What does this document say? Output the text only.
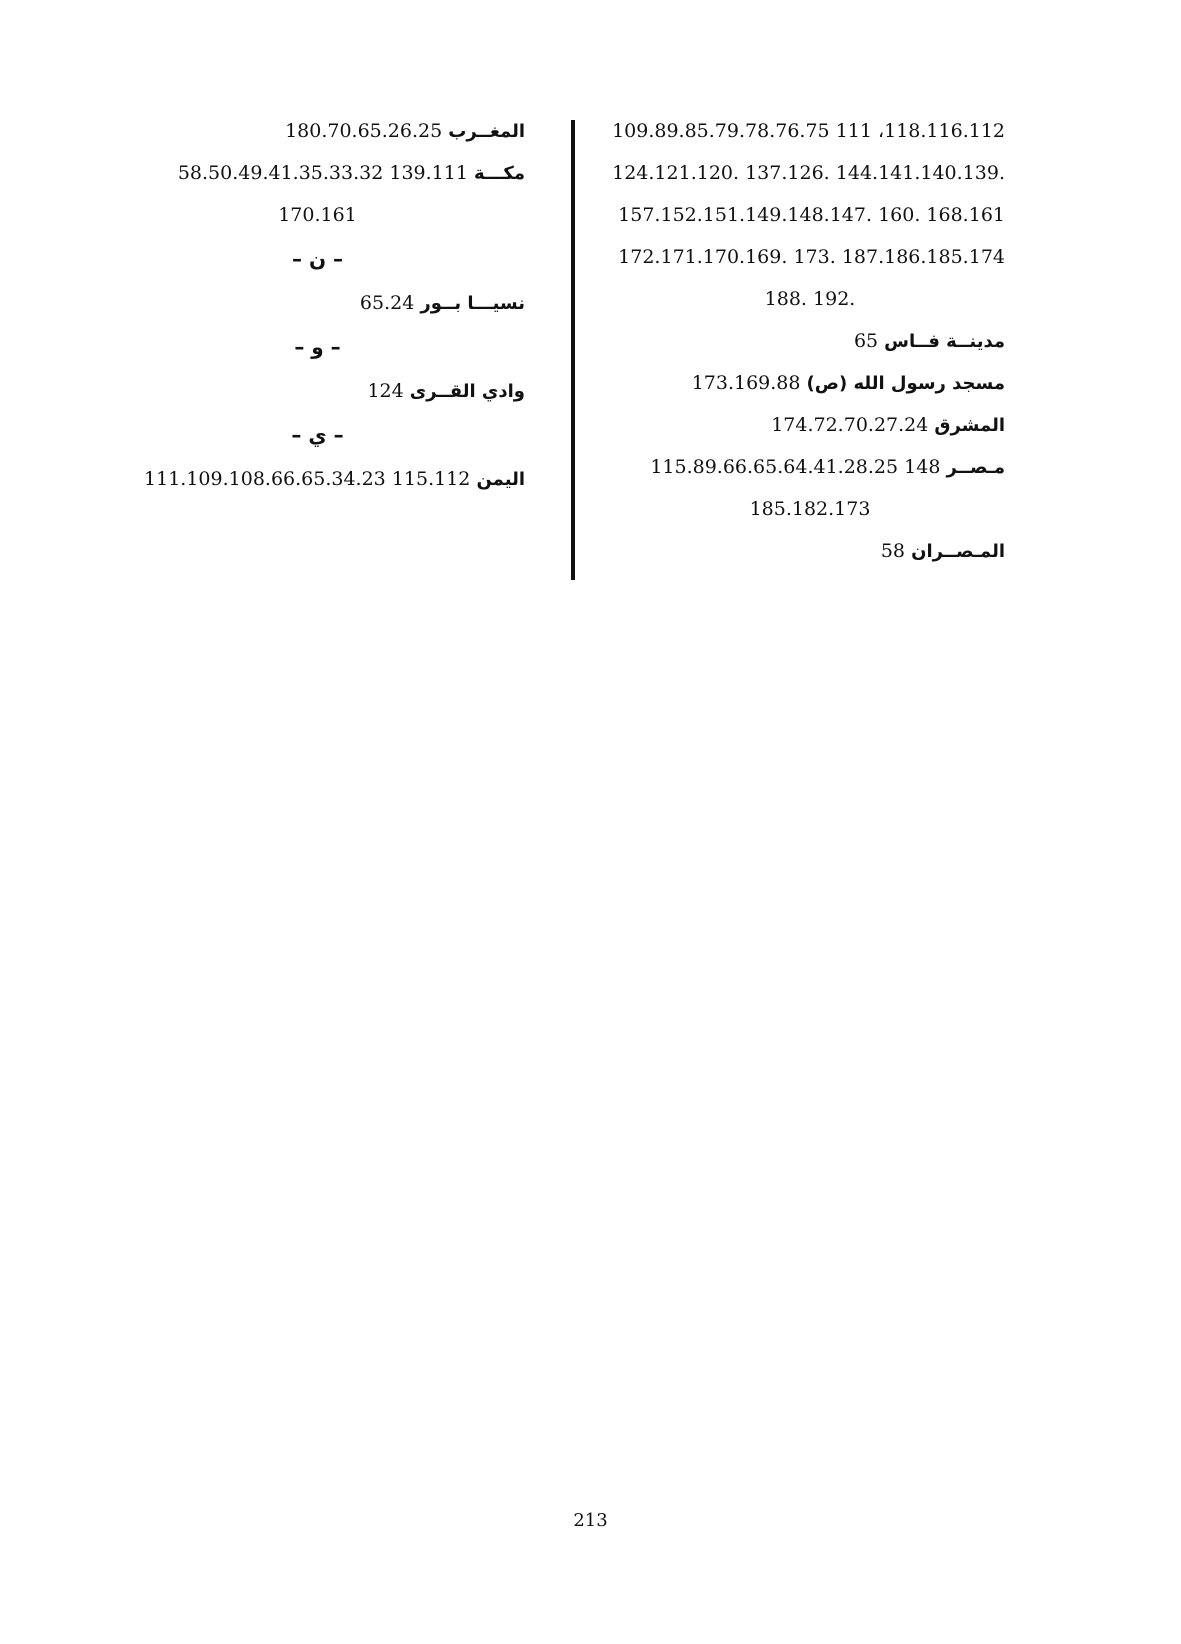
118.116.112، 111 109.89.85.79.78.76.75
.144.141.140.139 .137.126 .124.121.120
168.161 .160 .157.152.151.149.148.147
187.186.185.174 .173 .172.171.170.169
.192 .188
مدينــة فــاس 65
مسجد رسول الله (ص) 173.169.88
المشرق 174.72.70.27.24
مـصــر 148 115.89.66.65.64.41.28.25
185.182.173
المـصــران 58
المغــرب 180.70.65.26.25
مكـــة 139.111 58.50.49.41.35.33.32
170.161
– ن –
نسيـــا بــور 65.24
– و –
وادي القــرى 124
– ي –
اليمن 115.112 111.109.108.66.65.34.23
213
